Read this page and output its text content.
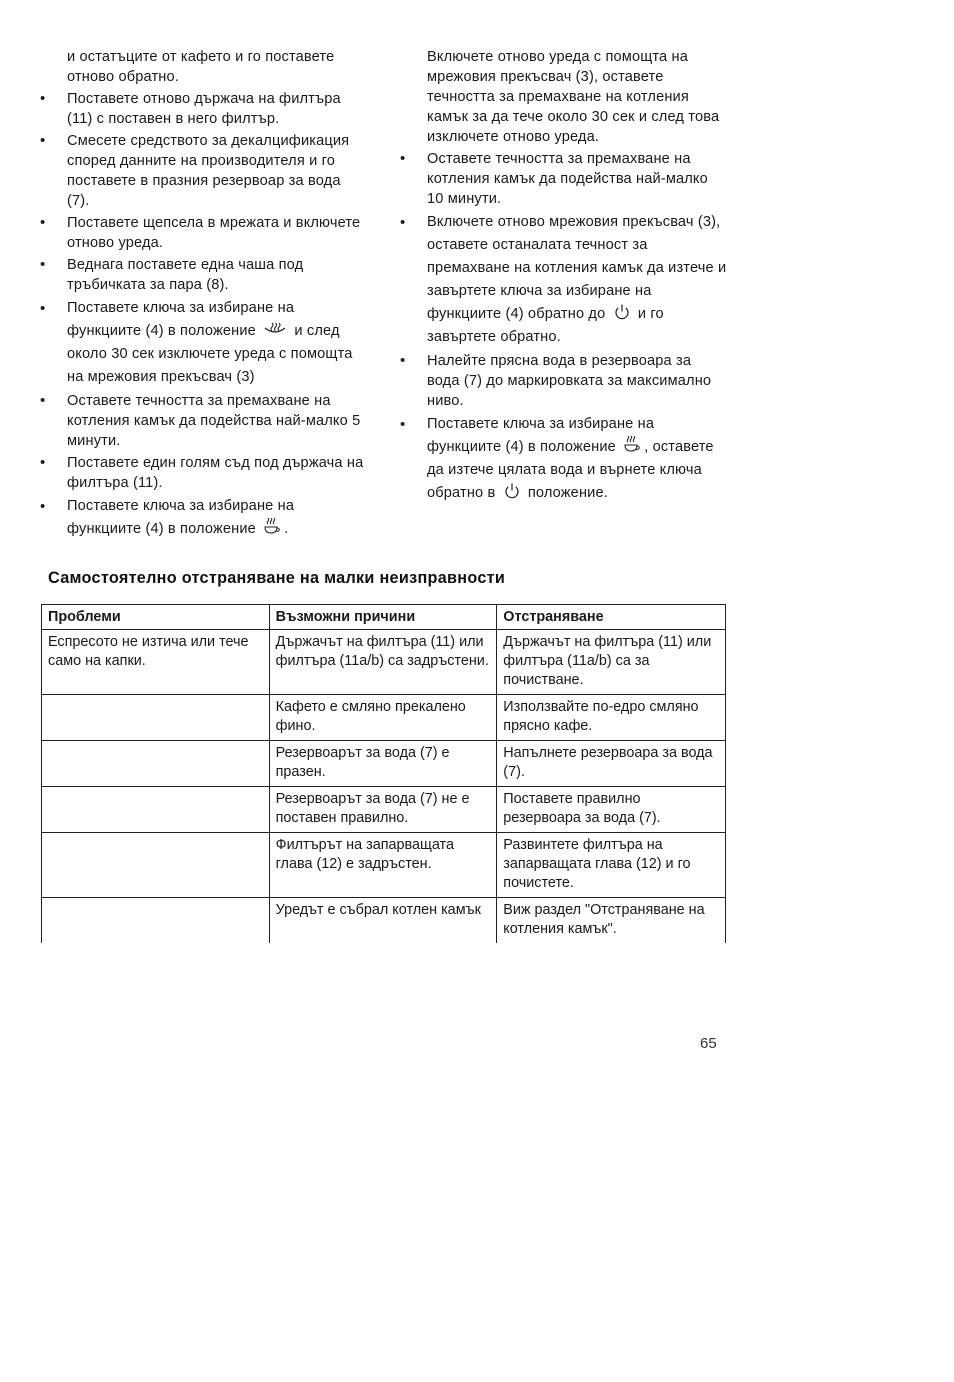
и остатъците от кафето и го поставете отново обратно.

• Поставете отново държача на филтъра (11) с поставен в него филтър.
• Смесете средството за декалцификация според данните на производителя и го поставете в празния резервоар за вода (7).
• Поставете щепсела в мрежата и включете отново уреда.
• Веднага поставете една чаша под тръбичката за пара (8).
• Поставете ключа за избиране на функциите (4) в положение	и след около 30 сек изключете уреда с помощта на мрежовия прекъсвач (3)
• Оставете течността за премахване на котления камък да подейства най-малко 5 минути.
• Поставете един голям съд под държача на филтъра (11).
• Поставете ключа за избиране на функциите (4) в положение .

Включете отново уреда с помощта на мрежовия прекъсвач (3), оставете течността за премахване на котления камък за да тече около 30 сек и след това изключете отново уреда.

• Оставете течността за премахване на котления камък да подейства най-малко 10 минути.
• Включете отново мрежовия прекъсвач (3), оставете останалата течност за премахване на котления камък да изтече и завъртете ключа за избиране на функциите (4) обратно до и го завъртете обратно.
• Налейте прясна вода в резервоара за вода (7) до маркировката за максимално ниво.
• Поставете ключа за избиране на функциите (4) в положение , оставете да изтече цялата вода и върнете ключа обратно в положение.
Самостоятелно отстраняване на малки неизправности
Проблеми	Възможни причини	Отстраняване
Еспресото не изтича или тече само на капки.	Държачът на филтъра (11) или филтъра (11a/b) са задръстени.	Държачът на филтъра (11) или филтъра (11a/b) са за почистване.
	Кафето е смляно прекалено фино.	Използвайте по-едро смляно прясно кафе.
	Резервоарът за вода (7) е празен.	Напълнете резервоара за вода (7).
	Резервоарът за вода (7) не е поставен правилно.	Поставете правилно резервоара за вода (7).
	Филтърът на запарващата глава (12) е задръстен.	Развинтете филтъра на запарващата глава (12) и го почистете.
	Уредът е събрал котлен камък	Виж раздел "Отстраняване на котления камък".
65
